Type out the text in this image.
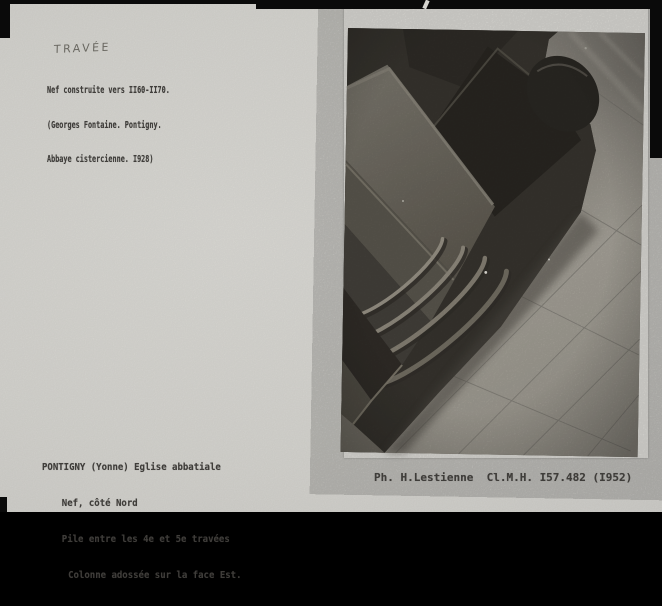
TRAVÉE

Nef construite vers II60-II70.

(Georges Fontaine. Pontigny.

Abbaye cistercienne. I928)

PONTIGNY (Yonne) Eglise abbatiale

Nef, côté Nord

Pile entre les 4e et 5e travées

Colonne adossée sur la face Est.

Ph. H.Lestienne  Cl.M.H. I57.482 (I952)
